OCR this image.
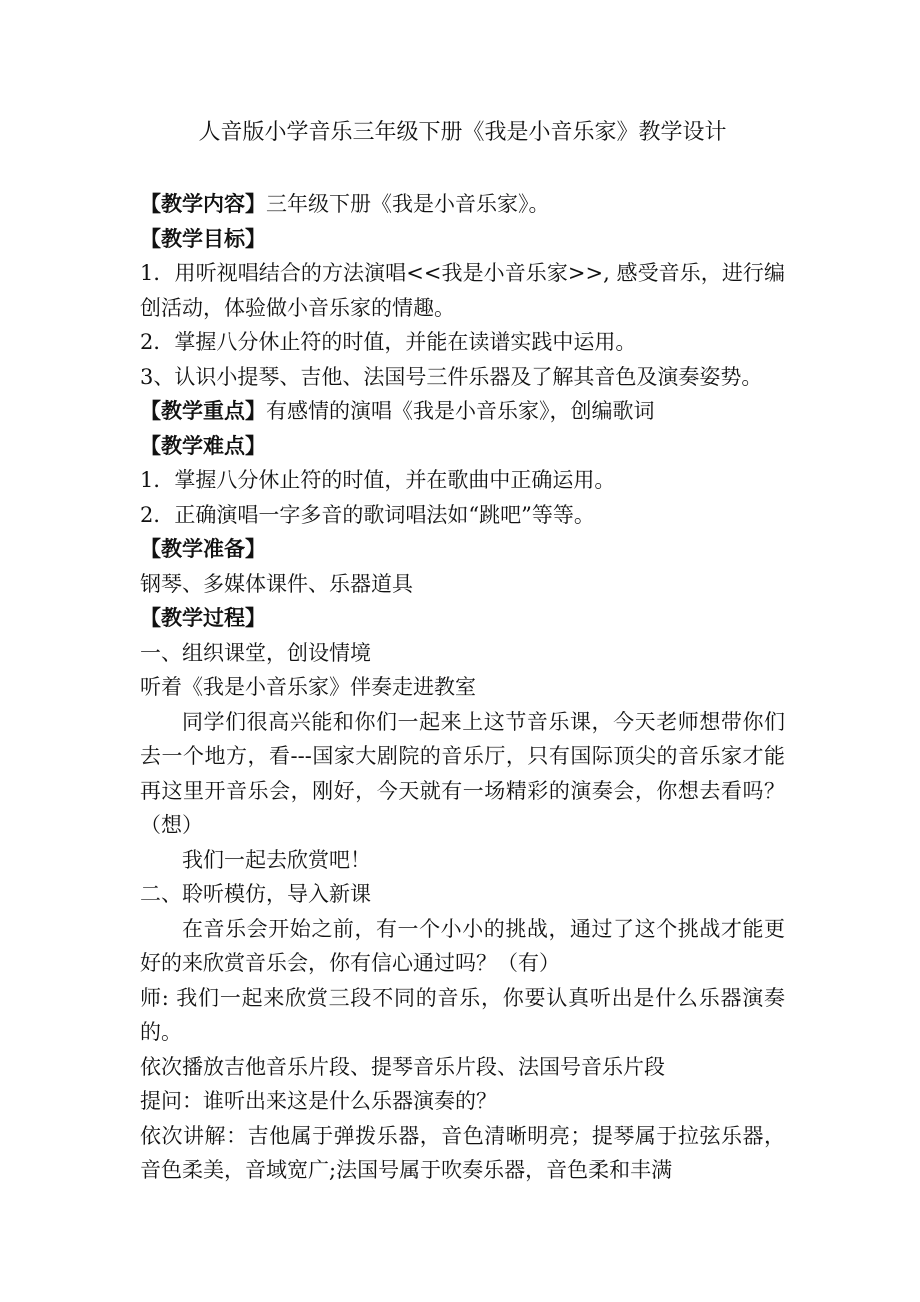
人音版小学音乐三年级下册《我是小音乐家》教学设计
【教学内容】三年级下册《我是小音乐家》。
【教学目标】
1．用听视唱结合的方法演唱<<我是小音乐家>>, 感受音乐，进行编创活动，体验做小音乐家的情趣。
2．掌握八分休止符的时值，并能在读谱实践中运用。
3、认识小提琴、吉他、法国号三件乐器及了解其音色及演奏姿势。
【教学重点】有感情的演唱《我是小音乐家》，创编歌词
【教学难点】
1．掌握八分休止符的时值，并在歌曲中正确运用。
2．正确演唱一字多音的歌词唱法如“跳吧”等等。
【教学准备】
钢琴、多媒体课件、乐器道具
【教学过程】
一、组织课堂，创设情境
听着《我是小音乐家》伴奏走进教室
同学们很高兴能和你们一起来上这节音乐课，今天老师想带你们去一个地方，看---国家大剧院的音乐厅，只有国际顶尖的音乐家才能再这里开音乐会，刚好，今天就有一场精彩的演奏会，你想去看吗？（想）
我们一起去欣赏吧！
二、聆听模仿，导入新课
在音乐会开始之前，有一个小小的挑战，通过了这个挑战才能更好的来欣赏音乐会，你有信心通过吗？（有）
师: 我们一起来欣赏三段不同的音乐，你要认真听出是什么乐器演奏的。
依次播放吉他音乐片段、提琴音乐片段、法国号音乐片段
提问：谁听出来这是什么乐器演奏的？
依次讲解：吉他属于弹拨乐器，音色清晰明亮；提琴属于拉弦乐器，音色柔美，音域宽广;法国号属于吹奏乐器，音色柔和丰满
